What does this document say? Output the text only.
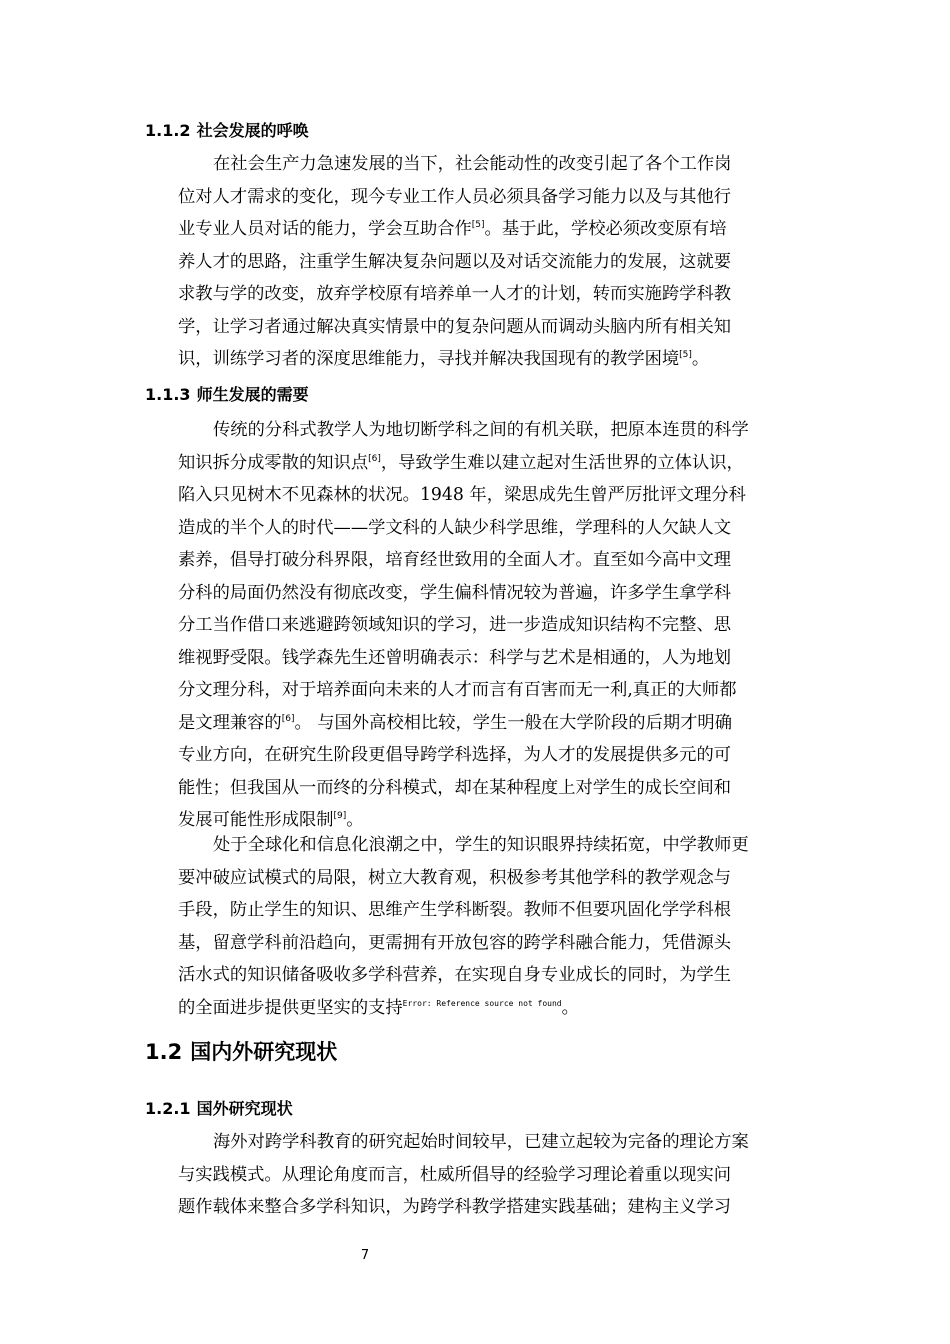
1.1.2 社会发展的呼唤
在社会生产力急速发展的当下，社会能动性的改变引起了各个工作岗
位对人才需求的变化，现今专业工作人员必须具备学习能力以及与其他行
业专业人员对话的能力，学会互助合作[5]。基于此，学校必须改变原有培
养人才的思路，注重学生解决复杂问题以及对话交流能力的发展，这就要
求教与学的改变，放弃学校原有培养单一人才的计划，转而实施跨学科教
学，让学习者通过解决真实情景中的复杂问题从而调动头脑内所有相关知
识，训练学习者的深度思维能力，寻找并解决我国现有的教学困境[5]。
1.1.3 师生发展的需要
传统的分科式教学人为地切断学科之间的有机关联，把原本连贯的科学
知识拆分成零散的知识点[6]，导致学生难以建立起对生活世界的立体认识，
陷入只见树木不见森林的状况。1948 年，梁思成先生曾严厉批评文理分科
造成的半个人的时代——学文科的人缺少科学思维，学理科的人欠缺人文
素养，倡导打破分科界限，培育经世致用的全面人才。直至如今高中文理
分科的局面仍然没有彻底改变，学生偏科情况较为普遍，许多学生拿学科
分工当作借口来逃避跨领域知识的学习，进一步造成知识结构不完整、思
维视野受限。钱学森先生还曾明确表示：科学与艺术是相通的，人为地划
分文理分科，对于培养面向未来的人才而言有百害而无一利,真正的大师都
是文理兼容的[6]。 与国外高校相比较，学生一般在大学阶段的后期才明确
专业方向，在研究生阶段更倡导跨学科选择，为人才的发展提供多元的可
能性；但我国从一而终的分科模式，却在某种程度上对学生的成长空间和
发展可能性形成限制[9]。
处于全球化和信息化浪潮之中，学生的知识眼界持续拓宽，中学教师更
要冲破应试模式的局限，树立大教育观，积极参考其他学科的教学观念与
手段，防止学生的知识、思维产生学科断裂。教师不但要巩固化学学科根
基，留意学科前沿趋向，更需拥有开放包容的跨学科融合能力，凭借源头
活水式的知识储备吸收多学科营养，在实现自身专业成长的同时，为学生
的全面进步提供更坚实的支持$^{Error: Reference source not found}$。
1.2 国内外研究现状
1.2.1 国外研究现状
海外对跨学科教育的研究起始时间较早，已建立起较为完备的理论方案
与实践模式。从理论角度而言，杜威所倡导的经验学习理论着重以现实问
题作载体来整合多学科知识，为跨学科教学搭建实践基础；建构主义学习
7
